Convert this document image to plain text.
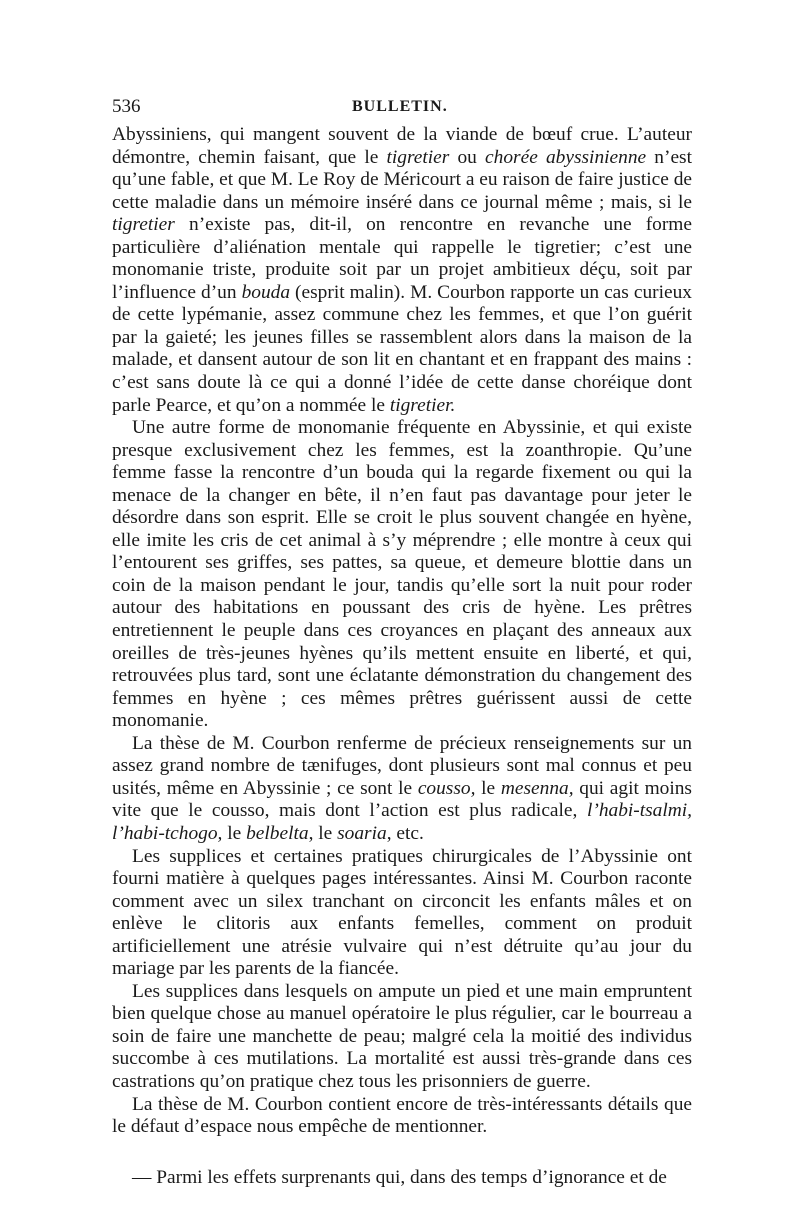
536	BULLETIN.

Abyssiniens, qui mangent souvent de la viande de bœuf crue. L’auteur démontre, chemin faisant, que le tigretier ou chorée abyssinienne n’est qu’une fable, et que M. Le Roy de Méricourt a eu raison de faire justice de cette maladie dans un mémoire inséré dans ce journal même ; mais, si le tigretier n’existe pas, dit-il, on rencontre en revanche une forme particulière d’aliénation mentale qui rappelle le tigretier; c’est une monomanie triste, produite soit par un projet ambitieux déçu, soit par l’influence d’un bouda (esprit malin). M. Courbon rapporte un cas curieux de cette lypémanie, assez commune chez les femmes, et que l’on guérit par la gaieté; les jeunes filles se rassemblent alors dans la maison de la malade, et dansent autour de son lit en chantant et en frappant des mains : c’est sans doute là ce qui a donné l’idée de cette danse choréique dont parle Pearce, et qu’on a nommée le tigretier.

Une autre forme de monomanie fréquente en Abyssinie, et qui existe presque exclusivement chez les femmes, est la zoanthropie. Qu’une femme fasse la rencontre d’un bouda qui la regarde fixement ou qui la menace de la changer en bête, il n’en faut pas davantage pour jeter le désordre dans son esprit. Elle se croit le plus souvent changée en hyène, elle imite les cris de cet animal à s’y méprendre ; elle montre à ceux qui l’entourent ses griffes, ses pattes, sa queue, et demeure blottie dans un coin de la maison pendant le jour, tandis qu’elle sort la nuit pour roder autour des habitations en poussant des cris de hyène. Les prêtres entretiennent le peuple dans ces croyances en plaçant des anneaux aux oreilles de très-jeunes hyènes qu’ils mettent ensuite en liberté, et qui, retrouvées plus tard, sont une éclatante démonstration du changement des femmes en hyène ; ces mêmes prêtres guérissent aussi de cette monomanie.

La thèse de M. Courbon renferme de précieux renseignements sur un assez grand nombre de tænifuges, dont plusieurs sont mal connus et peu usités, même en Abyssinie ; ce sont le cousso, le mesenna, qui agit moins vite que le cousso, mais dont l’action est plus radicale, l’habi-tsalmi, l’habi-tchogo, le belbelta, le soaria, etc.

Les supplices et certaines pratiques chirurgicales de l’Abyssinie ont fourni matière à quelques pages intéressantes. Ainsi M. Courbon raconte comment avec un silex tranchant on circoncit les enfants mâles et on enlève le clitoris aux enfants femelles, comment on produit artificiellement une atrésie vulvaire qui n’est détruite qu’au jour du mariage par les parents de la fiancée.

Les supplices dans lesquels on ampute un pied et une main empruntent bien quelque chose au manuel opératoire le plus régulier, car le bourreau a soin de faire une manchette de peau; malgré cela la moitié des individus succombe à ces mutilations. La mortalité est aussi très-grande dans ces castrations qu’on pratique chez tous les prisonniers de guerre.

La thèse de M. Courbon contient encore de très-intéressants détails que le défaut d’espace nous empêche de mentionner.

— Parmi les effets surprenants qui, dans des temps d’ignorance et de
